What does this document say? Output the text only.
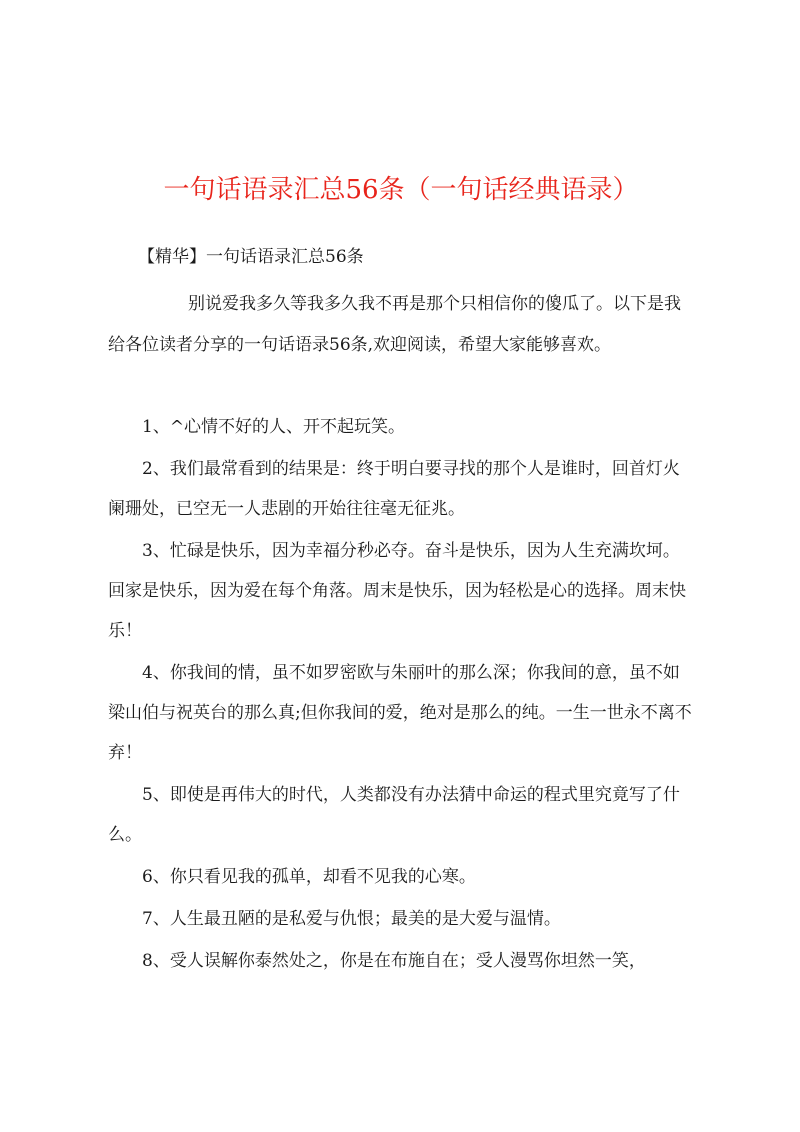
一句话语录汇总56条（一句话经典语录）

【精华】一句话语录汇总56条

别说爱我多久等我多久我不再是那个只相信你的傻瓜了。以下是我给各位读者分享的一句话语录56条,欢迎阅读，希望大家能够喜欢。

1、^心情不好的人、开不起玩笑。
2、我们最常看到的结果是：终于明白要寻找的那个人是谁时，回首灯火阑珊处，已空无一人悲剧的开始往往毫无征兆。
3、忙碌是快乐，因为幸福分秒必夺。奋斗是快乐，因为人生充满坎坷。回家是快乐，因为爱在每个角落。周末是快乐，因为轻松是心的选择。周末快乐！
4、你我间的情，虽不如罗密欧与朱丽叶的那么深；你我间的意，虽不如梁山伯与祝英台的那么真;但你我间的爱，绝对是那么的纯。一生一世永不离不弃！
5、即使是再伟大的时代，人类都没有办法猜中命运的程式里究竟写了什么。
6、你只看见我的孤单，却看不见我的心寒。
7、人生最丑陋的是私爱与仇恨；最美的是大爱与温情。
8、受人误解你泰然处之，你是在布施自在；受人漫骂你坦然一笑，
